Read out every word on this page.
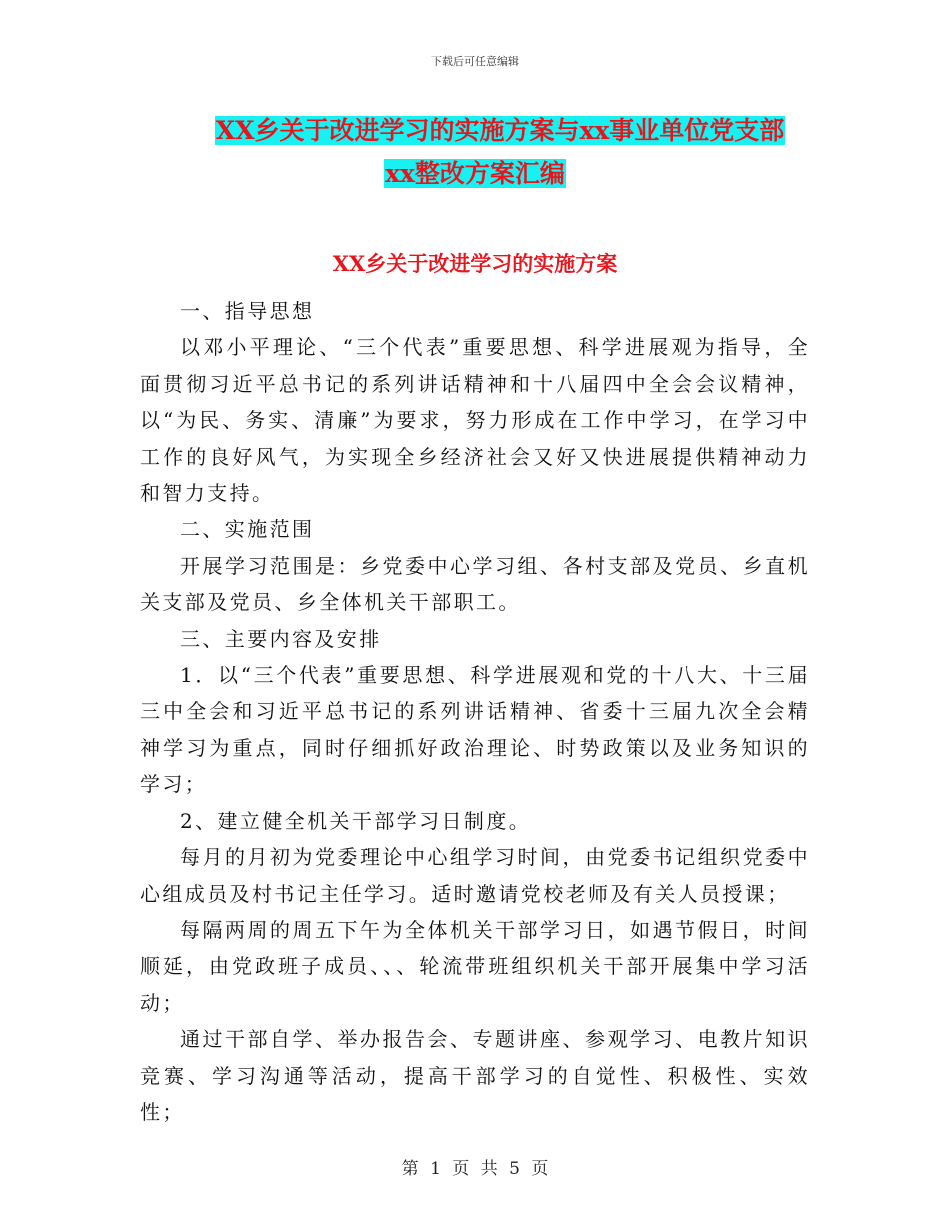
下载后可任意编辑
XX乡关于改进学习的实施方案与xx事业单位党支部
xx整改方案汇编
XX乡关于改进学习的实施方案

一、指导思想

以邓小平理论、“三个代表”重要思想、科学进展观为指导，全面贯彻习近平总书记的系列讲话精神和十八届四中全会会议精神，以“为民、务实、清廉”为要求，努力形成在工作中学习，在学习中工作的良好风气，为实现全乡经济社会又好又快进展提供精神动力和智力支持。

二、实施范围

开展学习范围是：乡党委中心学习组、各村支部及党员、乡直机关支部及党员、乡全体机关干部职工。

三、主要内容及安排

1．以“三个代表”重要思想、科学进展观和党的十八大、十三届三中全会和习近平总书记的系列讲话精神、省委十三届九次全会精神学习为重点，同时仔细抓好政治理论、时势政策以及业务知识的学习；

2、建立健全机关干部学习日制度。

每月的月初为党委理论中心组学习时间，由党委书记组织党委中心组成员及村书记主任学习。适时邀请党校老师及有关人员授课；

每隔两周的周五下午为全体机关干部学习日，如遇节假日，时间顺延，由党政班子成员、、、轮流带班组织机关干部开展集中学习活动；

通过干部自学、举办报告会、专题讲座、参观学习、电教片知识竞赛、学习沟通等活动，提高干部学习的自觉性、积极性、实效性；

第 1 页 共 5 页
